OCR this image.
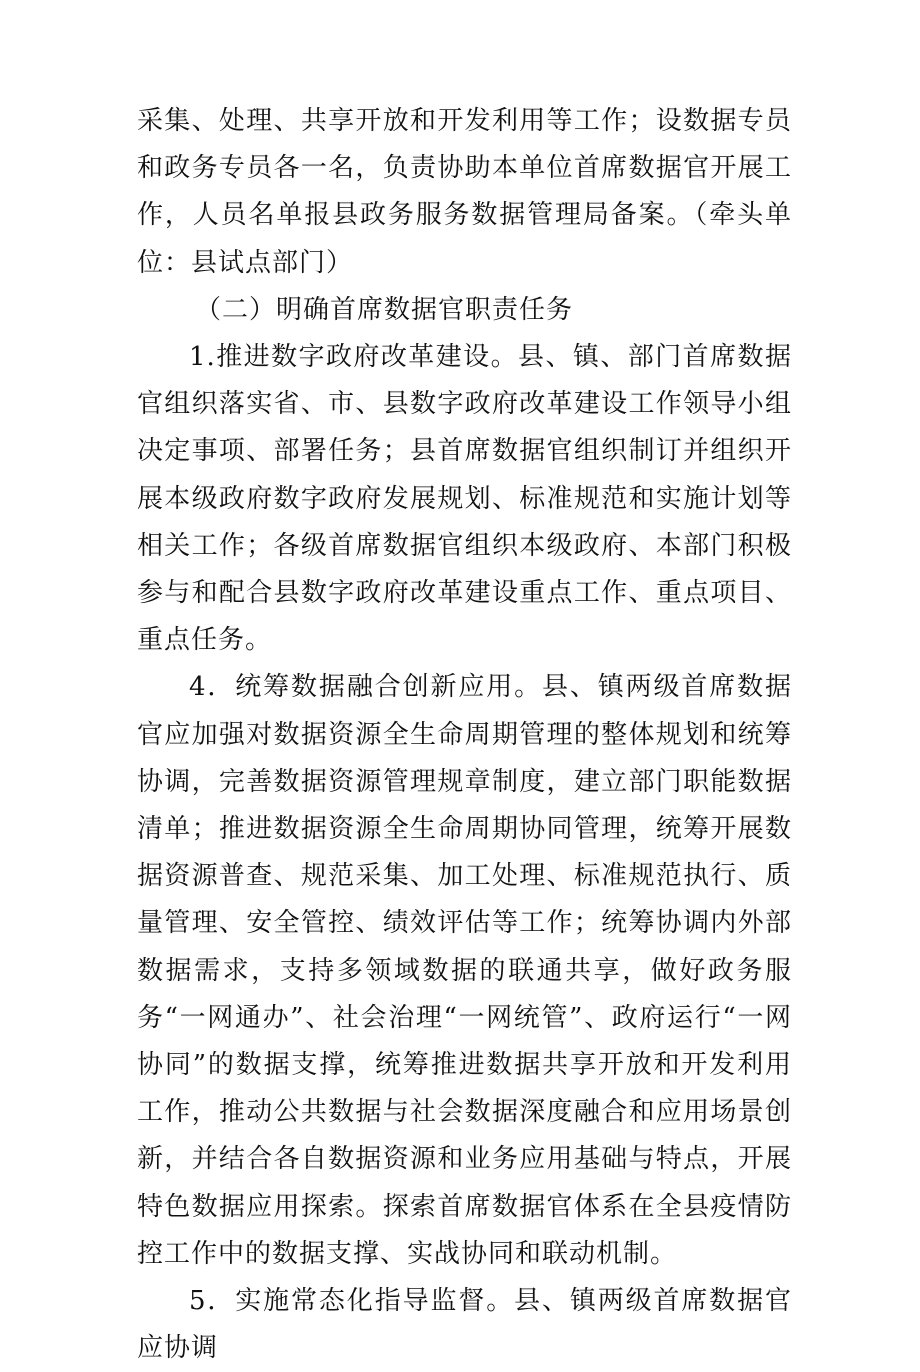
采集、处理、共享开放和开发利用等工作；设数据专员和政务专员各一名，负责协助本单位首席数据官开展工作，人员名单报县政务服务数据管理局备案。（牵头单位：县试点部门）

（二）明确首席数据官职责任务

1.推进数字政府改革建设。县、镇、部门首席数据官组织落实省、市、县数字政府改革建设工作领导小组决定事项、部署任务；县首席数据官组织制订并组织开展本级政府数字政府发展规划、标准规范和实施计划等相关工作；各级首席数据官组织本级政府、本部门积极参与和配合县数字政府改革建设重点工作、重点项目、重点任务。

4．统筹数据融合创新应用。县、镇两级首席数据官应加强对数据资源全生命周期管理的整体规划和统筹协调，完善数据资源管理规章制度，建立部门职能数据清单；推进数据资源全生命周期协同管理，统筹开展数据资源普查、规范采集、加工处理、标准规范执行、质量管理、安全管控、绩效评估等工作；统筹协调内外部数据需求，支持多领域数据的联通共享，做好政务服务“一网通办”、社会治理“一网统管”、政府运行“一网协同”的数据支撑，统筹推进数据共享开放和开发利用工作，推动公共数据与社会数据深度融合和应用场景创新，并结合各自数据资源和业务应用基础与特点，开展特色数据应用探索。探索首席数据官体系在全县疫情防控工作中的数据支撑、实战协同和联动机制。

5．实施常态化指导监督。县、镇两级首席数据官应协调
